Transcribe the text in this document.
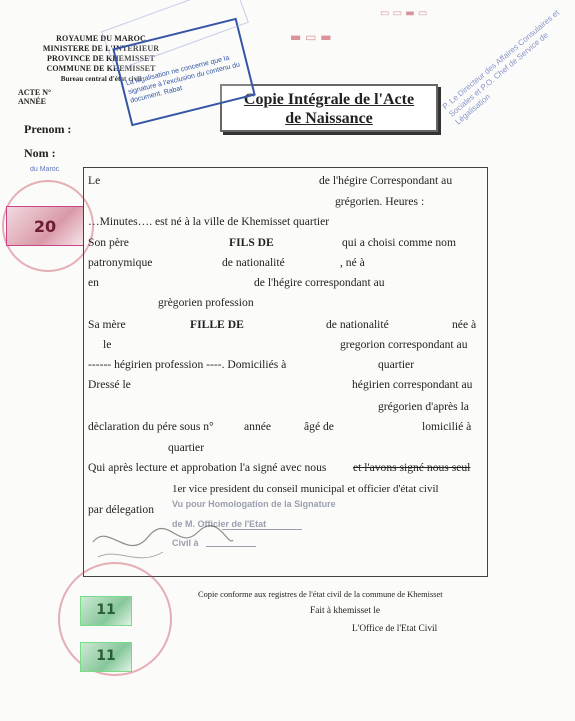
ROYAUME DU MAROC
MINISTERE DE L'INTERIEUR
PROVINCE DE KHEMISSET
COMMUNE DE KHEMISSET
Bureau central d'état civil
ACTE N°
ANNÉE
Prenom :
Nom :
Copie Intégrale de l'Acte
de Naissance
La légalisation ne concerne que la signature à l'exclusion du contenu du document. Rabat	P. Le Directeur des Affaires Consulaires et Sociales et P.O. Chef de Service de Légalisation
▭ ▭ ▬ ▭
▬ ▭ ▬
du Maroc
20
Le	de l'hégire Correspondant au
grégorien. Heures :
…Minutes…. est né à la ville de Khemisset quartier
Son père	FILS DE	qui a choisi comme nom
patronymique	de nationalité	, né à
en	de l'hégire correspondant au
grègorien profession
Sa mère	FILLE DE	de nationalité	née à
le	gregorion correspondant au
------ hégirien profession ----. Domiciliés à	quartier
Dressé le	hégirien correspondant au
grégorien d'après la
dèclaration du pére sous n°	année	âgé de	lomicilié à
quartier
Qui après lecture et approbation l'a signé avec nous et l'avons signé nous seul
1er vice president du conseil municipal et officier d'état civil
par délegation Vu pour Homologation de la Signature
de M. Officier de l'Etat
Civil à
11
11
Copie conforme aux registres de l'état civil de la commune de Khemisset
Fait à khemisset le
L'Office de l'Etat Civil
